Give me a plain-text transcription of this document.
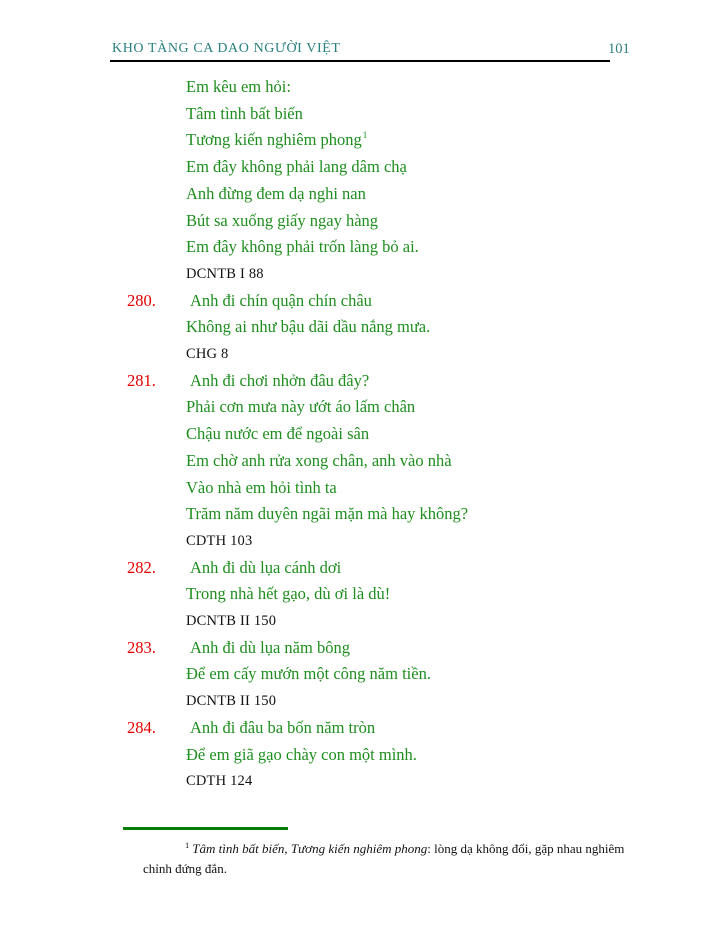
KHO TÀNG CA DAO NGƯỜI VIỆT	101
Em kêu em hỏi:
Tâm tình bất biến
Tương kiến nghiêm phong$^1$
Em đây không phải lang dâm chạ
Anh đừng đem dạ nghi nan
Bút sa xuống giấy ngay hàng
Em đây không phải trốn làng bỏ ai.
DCNTB I 88
280. Anh đi chín quận chín châu
Không ai như bậu dãi dầu nắng mưa.
CHG 8
281. Anh đi chơi nhởn đâu đây?
Phải cơn mưa này ướt áo lấm chân
Chậu nước em để ngoài sân
Em chờ anh rửa xong chân, anh vào nhà
Vào nhà em hỏi tình ta
Trăm năm duyên ngãi mặn mà hay không?
CDTH 103
282. Anh đi dù lụa cánh dơi
Trong nhà hết gạo, dù ơi là dù!
DCNTB II 150
283. Anh đi dù lụa năm bông
Để em cấy mướn một công năm tiền.
DCNTB II 150
284. Anh đi đâu ba bốn năm tròn
Để em giã gạo chày con một mình.
CDTH 124
$^1$ Tâm tình bất biến, Tương kiến nghiêm phong: lòng dạ không đổi, gặp nhau nghiêm chỉnh đứng đắn.
